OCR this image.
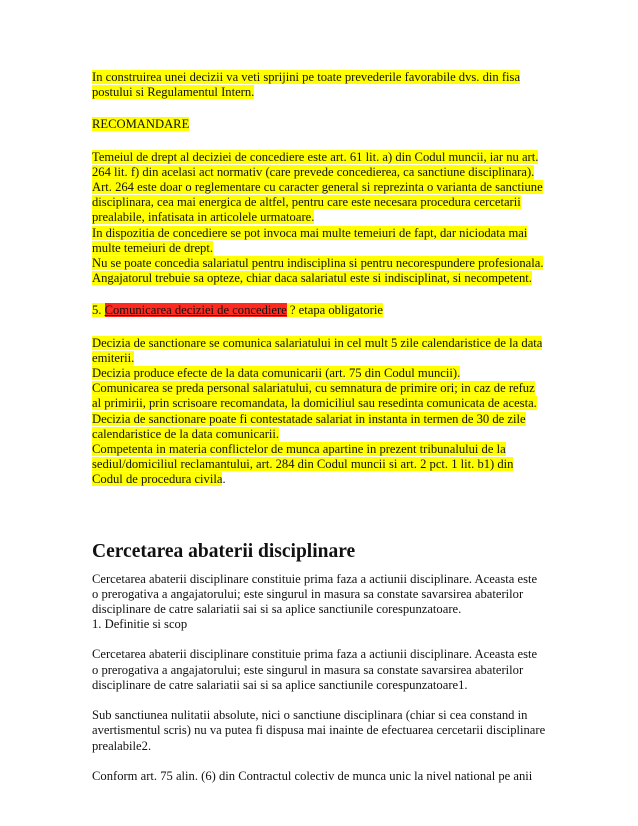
In construirea unei decizii va veti sprijini pe toate prevederile favorabile dvs. din fisa
postului si Regulamentul Intern.

RECOMANDARE

Temeiul de drept al deciziei de concediere este art. 61 lit. a) din Codul muncii, iar nu art.
264 lit. f) din acelasi act normativ (care prevede concedierea, ca sanctiune disciplinara).
Art. 264 este doar o reglementare cu caracter general si reprezinta o varianta de sanctiune
disciplinara, cea mai energica de altfel, pentru care este necesara procedura cercetarii
prealabile, infatisata in articolele urmatoare.
In dispozitia de concediere se pot invoca mai multe temeiuri de fapt, dar niciodata mai
multe temeiuri de drept.
Nu se poate concedia salariatul pentru indisciplina si pentru necorespundere profesionala.
Angajatorul trebuie sa opteze, chiar daca salariatul este si indisciplinat, si necompetent.

5. Comunicarea deciziei de concediere ? etapa obligatorie

Decizia de sanctionare se comunica salariatului in cel mult 5 zile calendaristice de la data
emiterii.
Decizia produce efecte de la data comunicarii (art. 75 din Codul muncii).
Comunicarea se preda personal salariatului, cu semnatura de primire ori; in caz de refuz
al primirii, prin scrisoare recomandata, la domiciliul sau resedinta comunicata de acesta.
Decizia de sanctionare poate fi contestatade salariat in instanta in termen de 30 de zile
calendaristice de la data comunicarii.
Competenta in materia conflictelor de munca apartine in prezent tribunalului de la
sediul/domiciliul reclamantului, art. 284 din Codul muncii si art. 2 pct. 1 lit. b1) din
Codul de procedura civila.

Cercetarea abaterii disciplinare

Cercetarea abaterii disciplinare constituie prima faza a actiunii disciplinare. Aceasta este
o prerogativa a angajatorului; este singurul in masura sa constate savarsirea abaterilor
disciplinare de catre salariatii sai si sa aplice sanctiunile corespunzatoare.
1. Definitie si scop

Cercetarea abaterii disciplinare constituie prima faza a actiunii disciplinare. Aceasta este
o prerogativa a angajatorului; este singurul in masura sa constate savarsirea abaterilor
disciplinare de catre salariatii sai si sa aplice sanctiunile corespunzatoare1.

Sub sanctiunea nulitatii absolute, nici o sanctiune disciplinara (chiar si cea constand in
avertismentul scris) nu va putea fi dispusa mai inainte de efectuarea cercetarii disciplinare
prealabile2.

Conform art. 75 alin. (6) din Contractul colectiv de munca unic la nivel national pe anii
